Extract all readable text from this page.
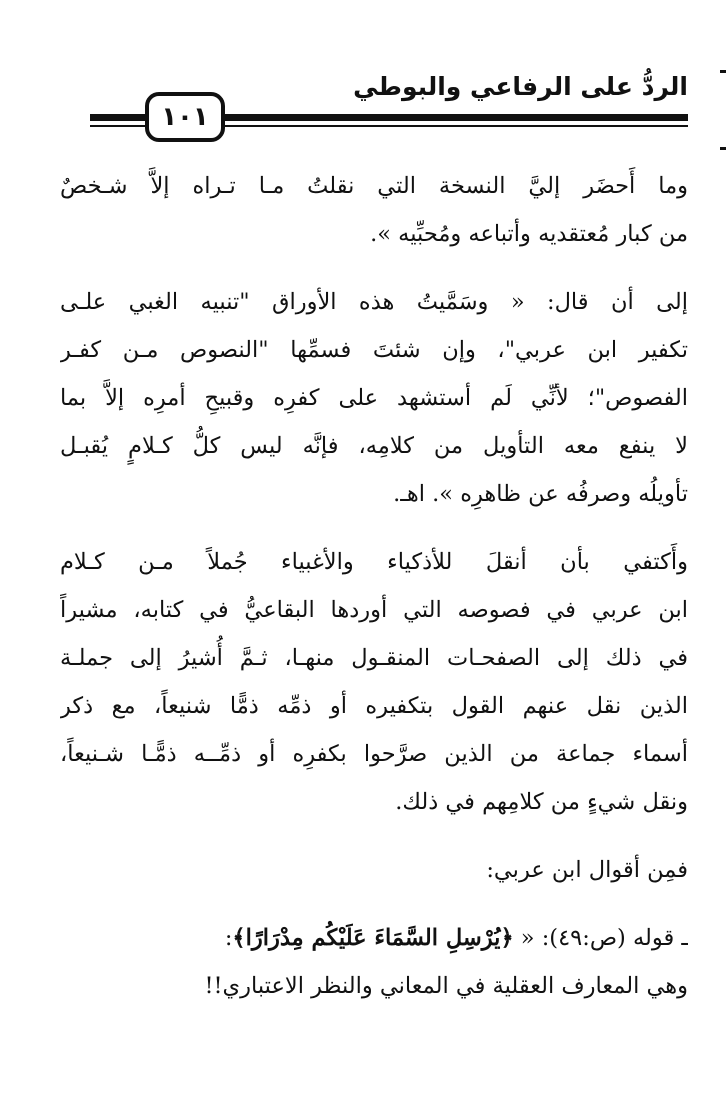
الردُّ على الرفاعي والبوطي
١٠١
وما أَحضَر إليَّ النسخة التي نقلتُ مـا تـراه إلاَّ شـخصٌ
من كبار مُعتقديه وأتباعه ومُحبِّيه ».
إلى أن قال: « وسَمَّيتُ هذه الأوراق "تنبيه الغبي علـى
تكفير ابن عربي"، وإن شئتَ فسمِّها "النصوص مـن كفـر
الفصوص"؛ لأنِّي لَم أستشهد على كفرِه وقبيحِ أمرِه إلاَّ بما
لا ينفع معه التأويل من كلامِه، فإنَّه ليس كلُّ كـلامٍ يُقبـل
تأويلُه وصرفُه عن ظاهرِه ». اهـ.
وأَكتفي بأن أنقلَ للأذكياء والأغبياء جُملاً مـن كـلام
ابن عربي في فصوصه التي أوردها البقاعيُّ في كتابه، مشيراً
في ذلك إلى الصفحـات المنقـول منهـا، ثـمَّ أُشيرُ إلى جملـة
الذين نقل عنهم القول بتكفيره أو ذمِّه ذمًّا شنيعاً، مع ذكر
أسماء جماعة من الذين صرَّحوا بكفرِه أو ذمِّــه ذمًّـا شـنيعاً،
ونقل شيءٍ من كلامِهم في ذلك.
فمِن أقوال ابن عربي:
ـ قوله (ص:٤٩): « ﴿يُرْسِلِ السَّمَاءَ عَلَيْكُم مِدْرَارًا﴾:
وهي المعارف العقلية في المعاني والنظر الاعتباري!!
